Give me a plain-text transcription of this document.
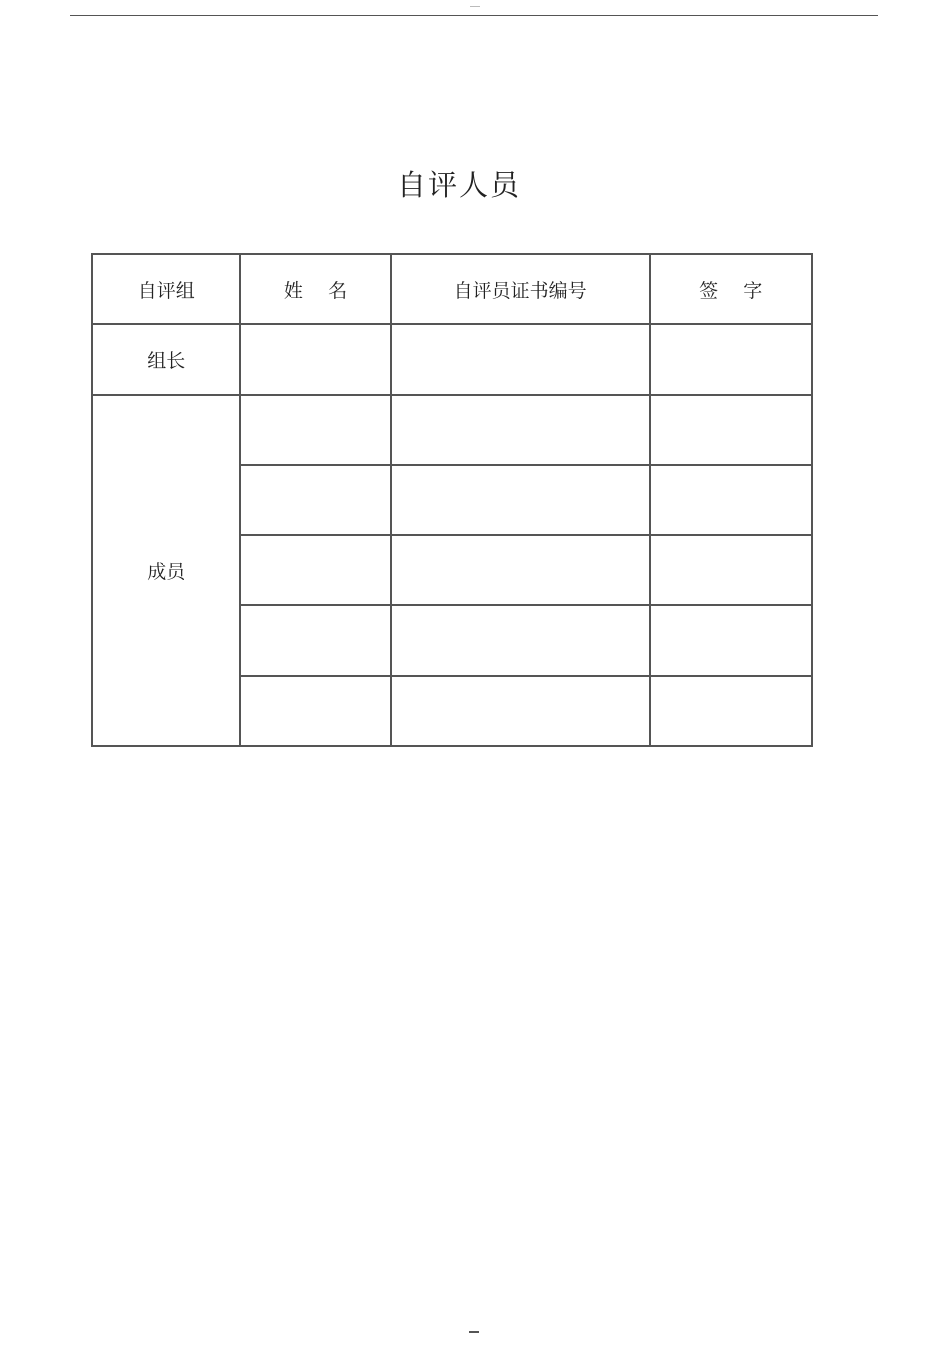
自评人员
自评组	姓    名	自评员证书编号	签    字
组长			
成员			
